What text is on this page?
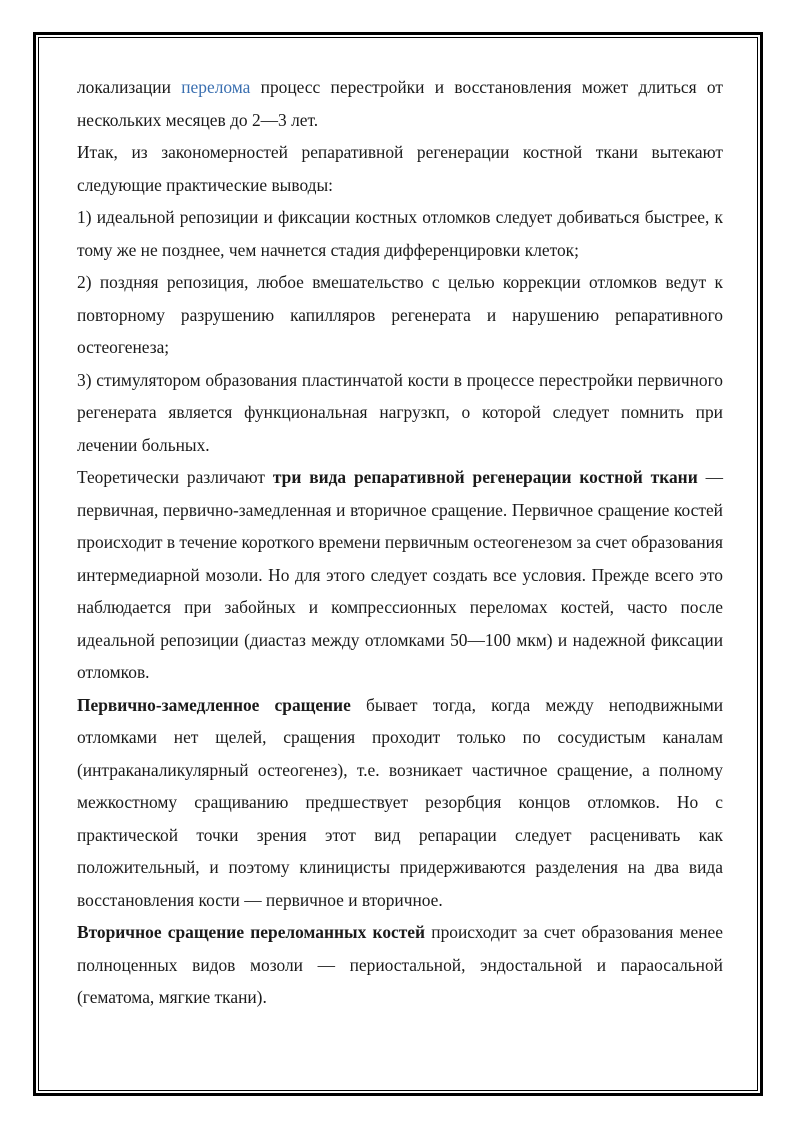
локализации перелома процесс перестройки и восстановления может длиться от нескольких месяцев до 2—3 лет.

Итак, из закономерностей репаративной регенерации костной ткани вытекают следующие практические выводы:

1) идеальной репозиции и фиксации костных отломков следует добиваться быстрее, к тому же не позднее, чем начнется стадия дифференцировки клеток;

2) поздняя репозиция, любое вмешательство с целью коррекции отломков ведут к повторному разрушению капилляров регенерата и нарушению репаративного остеогенеза;

3) стимулятором образования пластинчатой кости в процессе перестройки первичного регенерата является функциональная нагрузкп, о которой следует помнить при лечении больных.

Теоретически различают три вида репаративной регенерации костной ткани — первичная, первично-замедленная и вторичное сращение. Первичное сращение костей происходит в течение короткого времени первичным остеогенезом за счет образования интермедиарной мозоли. Но для этого следует создать все условия. Прежде всего это наблюдается при забойных и компрессионных переломах костей, часто после идеальной репозиции (диастаз между отломками 50—100 мкм) и надежной фиксации отломков.

Первично-замедленное сращение бывает тогда, когда между неподвижными отломками нет щелей, сращения проходит только по сосудистым каналам (интраканаликулярный остеогенез), т.е. возникает частичное сращение, а полному межкостному сращиванию предшествует резорбция концов отломков. Но с практической точки зрения этот вид репарации следует расценивать как положительный, и поэтому клиницисты придерживаются разделения на два вида восстановления кости — первичное и вторичное.

Вторичное сращение переломанных костей происходит за счет образования менее полноценных видов мозоли — периостальной, эндостальной и параосальной (гематома, мягкие ткани).
